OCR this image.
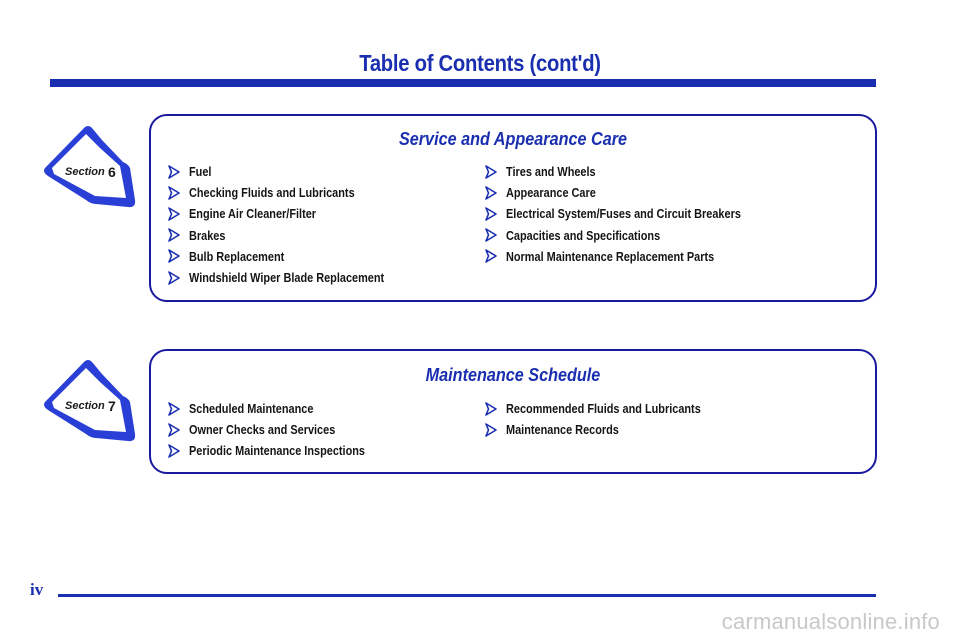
Table of Contents (cont'd)
Section 6
Service and Appearance Care
Fuel
Checking Fluids and Lubricants
Engine Air Cleaner/Filter
Brakes
Bulb Replacement
Windshield Wiper Blade Replacement
Tires and Wheels
Appearance Care
Electrical System/Fuses and Circuit Breakers
Capacities and Specifications
Normal Maintenance Replacement Parts
Section 7
Maintenance Schedule
Scheduled Maintenance
Owner Checks and Services
Periodic Maintenance Inspections
Recommended Fluids and Lubricants
Maintenance Records
iv
carmanualsonline.info
